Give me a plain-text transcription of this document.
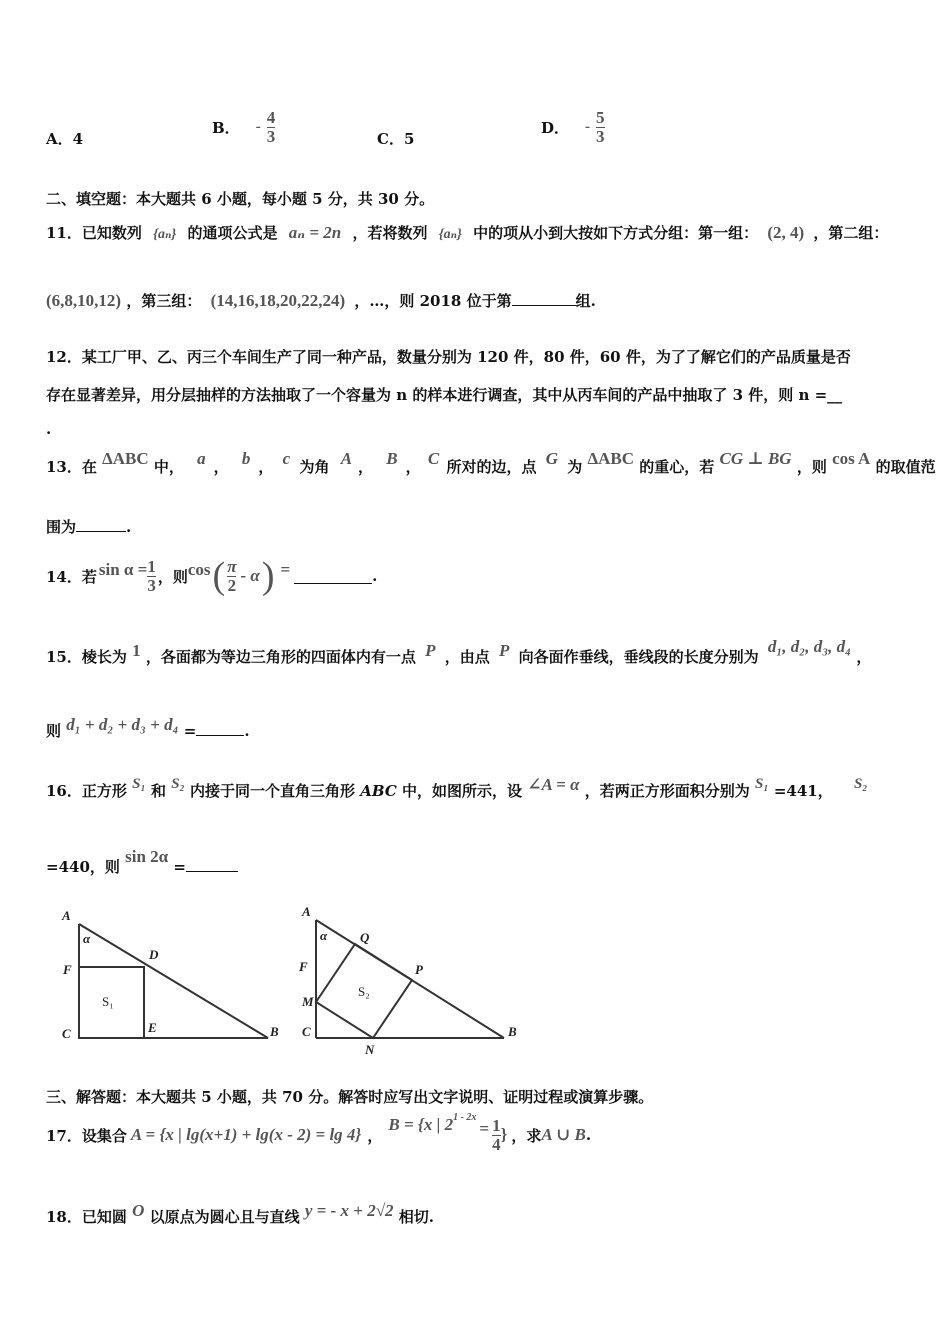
A．4
B． - $\frac{4}{3}$	C．5
D． - $\frac{5}{3}$
二、填空题：本大题共 6 小题，每小题 5 分，共 30 分。
11．已知数列 {aₙ} 的通项公式是 aₙ = 2n ，若将数列 {aₙ} 中的项从小到大按如下方式分组：第一组： (2, 4) ，第二组：
(6,8,10,12) ，第三组： (14,16,18,20,22,24) ，…，则 2018 位于第	组.
12．某工厂甲、乙、丙三个车间生产了同一种产品，数量分别为 120 件，80 件，60 件，为了了解它们的产品质量是否
存在显著差异，用分层抽样的方法抽取了一个容量为 n 的样本进行调查，其中从丙车间的产品中抽取了 3 件，则 n =__
.
13．在 ΔABC 中， a ， b ， c 为角 A ， B ， C 所对的边，点 G 为 ΔABC 的重心，若 CG ⊥ BG ，则 cos A 的取值范
围为	.
14． 若 $\sin \alpha = \frac{1}{3}$ ，则 cos ( $\frac{\pi}{2}$ - α ) =	.
15．棱长为 1 ，各面都为等边三角形的四面体内有一点 P ，由点 P 向各面作垂线，垂线段的长度分别为 d₁, d₂, d₃, d₄ ，
则 d₁ + d₂ + d₃ + d₄ =	.
16．正方形 S₁ 和 S₂ 内接于同一个直角三角形 ABC 中，如图所示，设 ∠A = α ，若两正方形面积分别为 S₁ =441， S₂
=440，则 sin 2α =
A
α
D
F
S₁
C	E	B
A
α	Q
F	P
M
S₂
C
N
B
三、解答题：本大题共 5 小题，共 70 分。解答时应写出文字说明、证明过程或演算步骤。
17． 设集合 A = {x | lg(x+1) + lg(x - 2) = lg 4} ，
B = {x | 2 1 - 2x
= $\frac{1}{4}$ } ，求 A ∪ B .
18．已知圆 O 以原点为圆心且与直线 y = - x + 2√2 相切.
